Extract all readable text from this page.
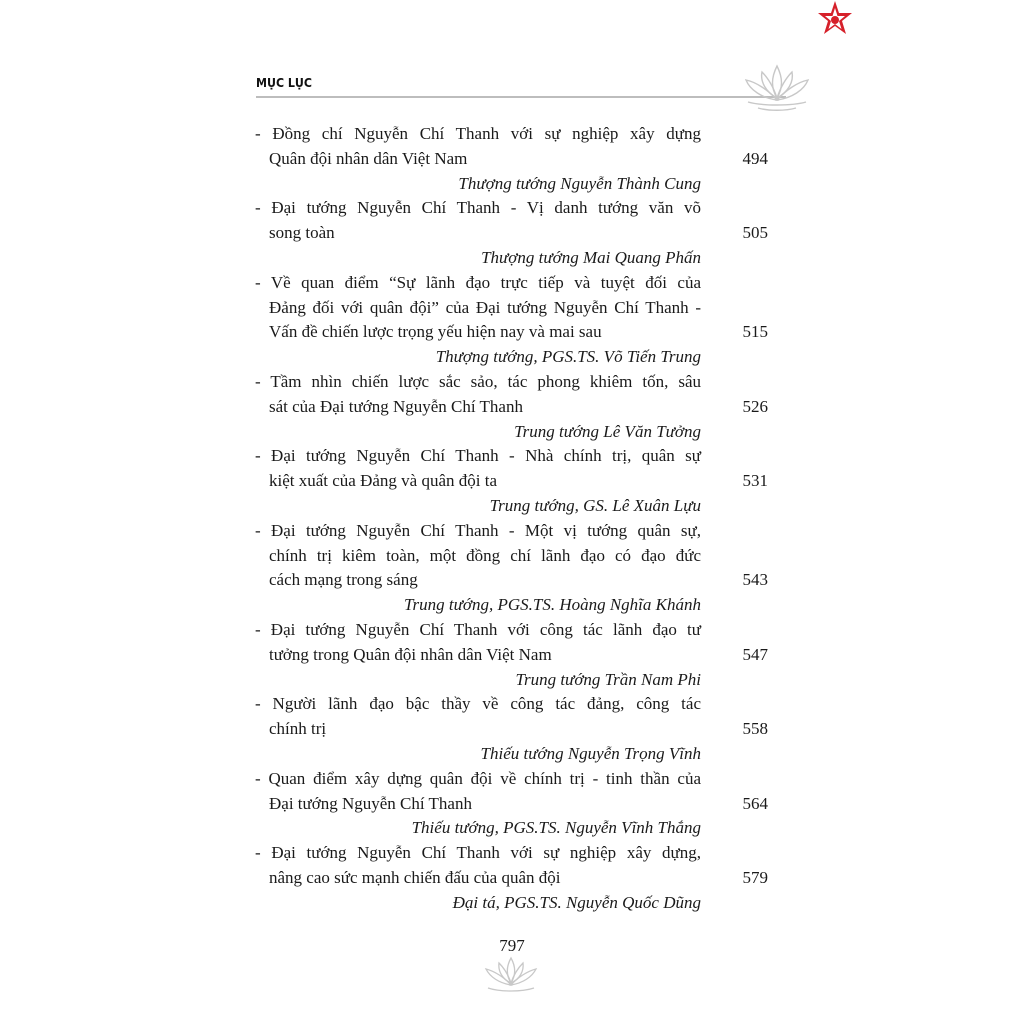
MỤC LỤC
- Đồng chí Nguyễn Chí Thanh với sự nghiệp xây dựng
Quân đội nhân dân Việt Nam	494
Thượng tướng Nguyễn Thành Cung
- Đại tướng Nguyễn Chí Thanh - Vị danh tướng văn võ
song toàn	505
Thượng tướng Mai Quang Phấn
- Về quan điểm “Sự lãnh đạo trực tiếp và tuyệt đối của
Đảng đối với quân đội” của Đại tướng Nguyễn Chí Thanh -
Vấn đề chiến lược trọng yếu hiện nay và mai sau	515
Thượng tướng, PGS.TS. Võ Tiến Trung
- Tầm nhìn chiến lược sắc sảo, tác phong khiêm tốn, sâu
sát của Đại tướng Nguyễn Chí Thanh	526
Trung tướng Lê Văn Tưởng
- Đại tướng Nguyễn Chí Thanh - Nhà chính trị, quân sự
kiệt xuất của Đảng và quân đội ta	531
Trung tướng, GS. Lê Xuân Lựu
- Đại tướng Nguyễn Chí Thanh - Một vị tướng quân sự,
chính trị kiêm toàn, một đồng chí lãnh đạo có đạo đức
cách mạng trong sáng	543
Trung tướng, PGS.TS. Hoàng Nghĩa Khánh
- Đại tướng Nguyễn Chí Thanh với công tác lãnh đạo tư
tưởng trong Quân đội nhân dân Việt Nam	547
Trung tướng Trần Nam Phi
- Người lãnh đạo bậc thầy về công tác đảng, công tác
chính trị	558
Thiếu tướng Nguyễn Trọng Vĩnh
- Quan điểm xây dựng quân đội về chính trị - tinh thần của
Đại tướng Nguyễn Chí Thanh	564
Thiếu tướng, PGS.TS. Nguyễn Vĩnh Thắng
- Đại tướng Nguyễn Chí Thanh với sự nghiệp xây dựng,
nâng cao sức mạnh chiến đấu của quân đội	579
Đại tá, PGS.TS. Nguyễn Quốc Dũng
797
